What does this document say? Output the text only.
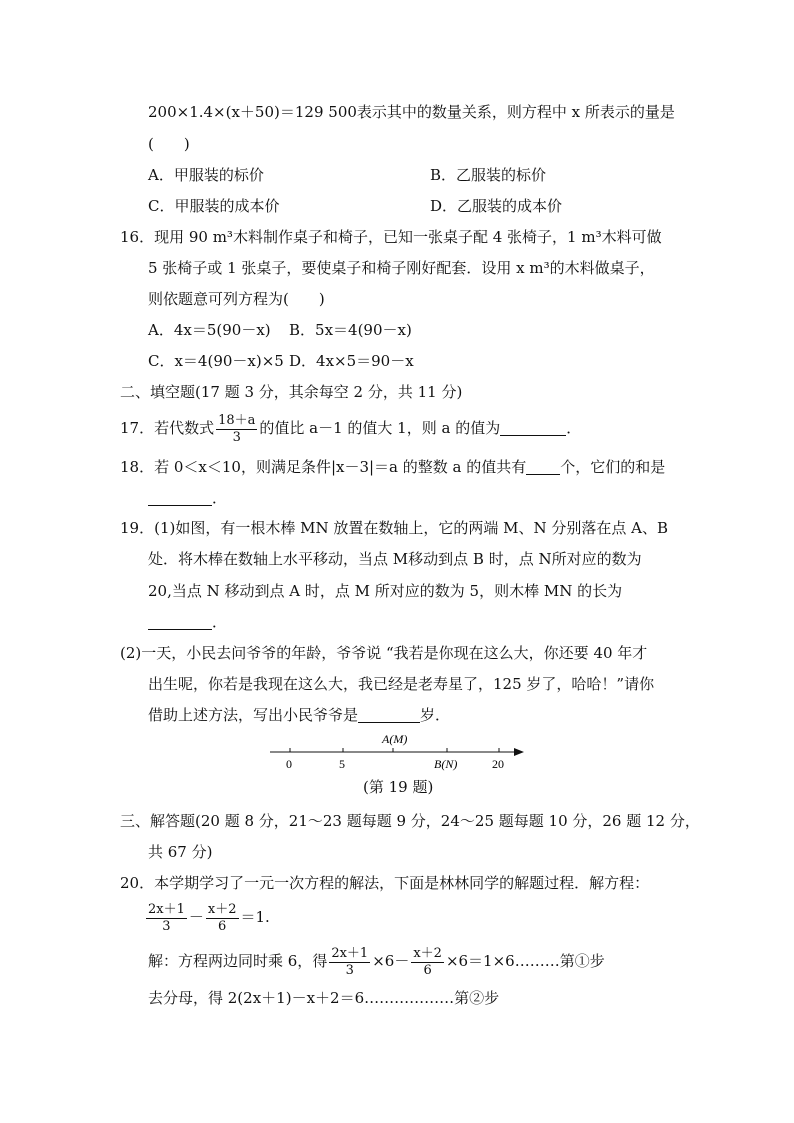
200×1.4×(x＋50)＝129 500表示其中的数量关系，则方程中 x 所表示的量是
(　　)
A．甲服装的标价	B．乙服装的标价
C．甲服装的成本价	D．乙服装的成本价
16．现用 90 m³木料制作桌子和椅子，已知一张桌子配 4 张椅子，1 m³木料可做
5 张椅子或 1 张桌子，要使桌子和椅子刚好配套．设用 x m³的木料做桌子，
则依题意可列方程为(　　)
A．4x＝5(90－x) B．5x＝4(90－x)
C．x＝4(90－x)×5 D．4x×5＝90－x
二、填空题(17 题 3 分，其余每空 2 分，共 11 分)
17．若代数式 $\frac{18+a}{3}$ 的值比 a－1 的值大 1，则 a 的值为	．
18．若 0＜x＜10，则满足条件|x－3|＝a 的整数 a 的值共有 个，它们的和是
．
19．(1)如图，有一根木棒 MN 放置在数轴上，它的两端 M、N 分别落在点 A、B
处．将木棒在数轴上水平移动，当点 M移动到点 B 时，点 N所对应的数为
20,当点 N 移动到点 A 时，点 M 所对应的数为 5，则木棒 MN 的长为
．
(2)一天，小民去问爷爷的年龄，爷爷说 “我若是你现在这么大，你还要 40 年才
出生呢，你若是我现在这么大，我已经是老寿星了，125 岁了，哈哈！”请你
借助上述方法，写出小民爷爷是	岁．
A(M)
0	5	B(N)	20
(第 19 题)
三、解答题(20 题 8 分，21～23 题每题 9 分，24～25 题每题 10 分，26 题 12 分，
共 67 分)
20．本学期学习了一元一次方程的解法，下面是林林同学的解题过程．解方程：
$\frac{2x+1}{3} - \frac{x+2}{6} =1$.
解：方程两边同时乘 6，得 $\frac{2x+1}{3} \times 6- \frac{x+2}{6}$ ×6＝1×6………第①步
去分母，得 2(2x＋1)－x＋2＝6………………第②步
